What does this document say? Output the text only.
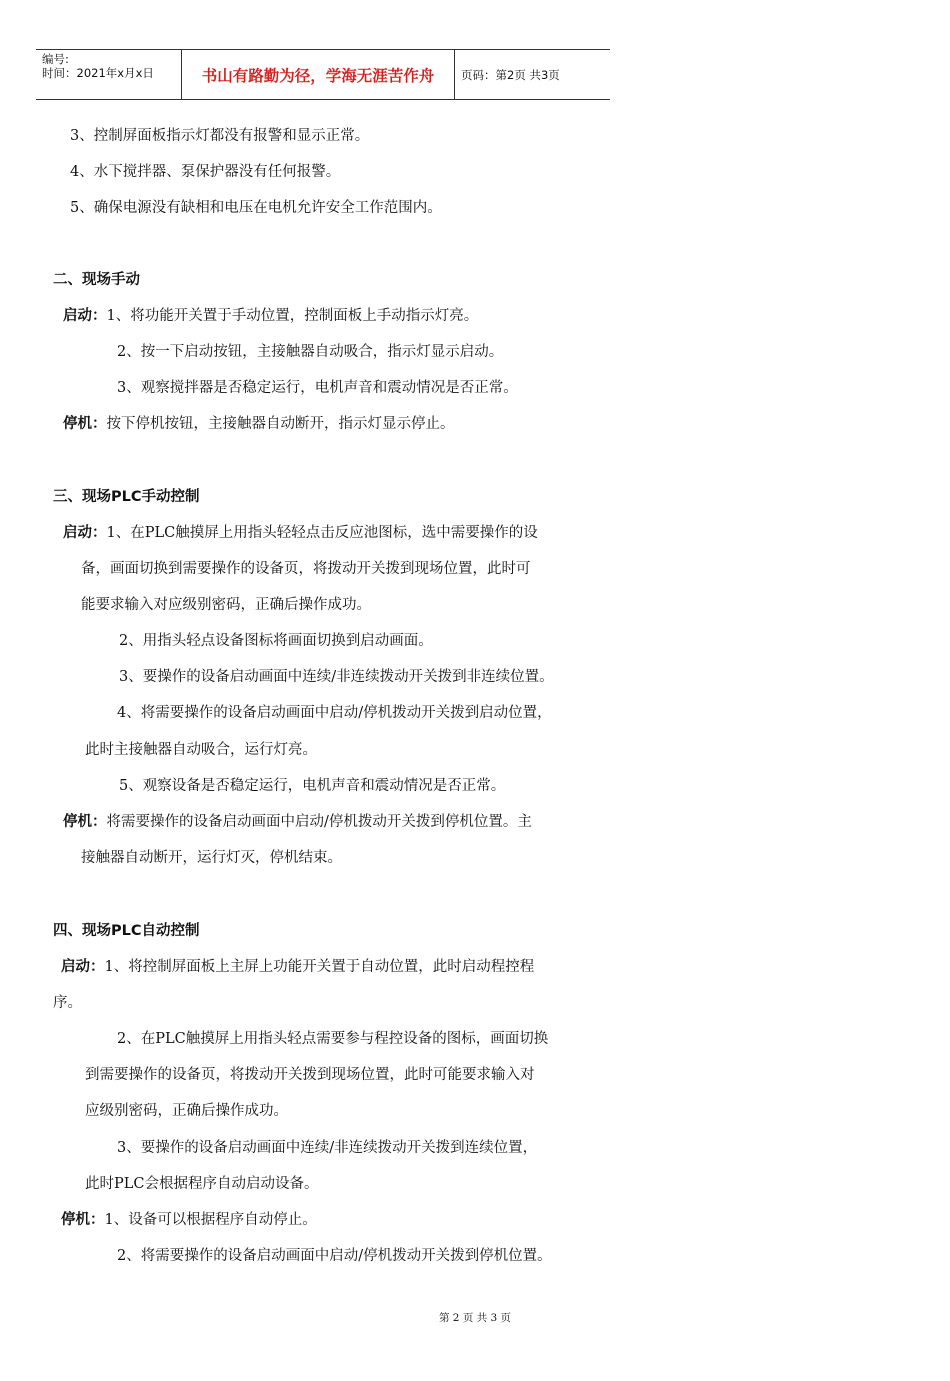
编号:
时间：2021年x月x日	书山有路勤为径，学海无涯苦作舟	页码：第2页 共3页
3、控制屏面板指示灯都没有报警和显示正常。
4、水下搅拌器、泵保护器没有任何报警。
5、确保电源没有缺相和电压在电机允许安全工作范围内。
二、现场手动
启动：1、将功能开关置于手动位置，控制面板上手动指示灯亮。
2、按一下启动按钮，主接触器自动吸合，指示灯显示启动。
3、观察搅拌器是否稳定运行，电机声音和震动情况是否正常。
停机：按下停机按钮，主接触器自动断开，指示灯显示停止。
三、现场PLC手动控制
启动：1、在PLC触摸屏上用指头轻轻点击反应池图标，选中需要操作的设
备，画面切换到需要操作的设备页，将拨动开关拨到现场位置，此时可
能要求输入对应级别密码，正确后操作成功。
2、用指头轻点设备图标将画面切换到启动画面。
3、要操作的设备启动画面中连续/非连续拨动开关拨到非连续位置。
4、将需要操作的设备启动画面中启动/停机拨动开关拨到启动位置，
此时主接触器自动吸合，运行灯亮。
5、观察设备是否稳定运行，电机声音和震动情况是否正常。
停机：将需要操作的设备启动画面中启动/停机拨动开关拨到停机位置。主
接触器自动断开，运行灯灭，停机结束。
四、现场PLC自动控制
启动：1、将控制屏面板上主屏上功能开关置于自动位置，此时启动程控程
序。
2、在PLC触摸屏上用指头轻点需要参与程控设备的图标，画面切换
到需要操作的设备页，将拨动开关拨到现场位置，此时可能要求输入对
应级别密码，正确后操作成功。
3、要操作的设备启动画面中连续/非连续拨动开关拨到连续位置，
此时PLC会根据程序自动启动设备。
停机：1、设备可以根据程序自动停止。
2、将需要操作的设备启动画面中启动/停机拨动开关拨到停机位置。
第 2 页 共 3 页
